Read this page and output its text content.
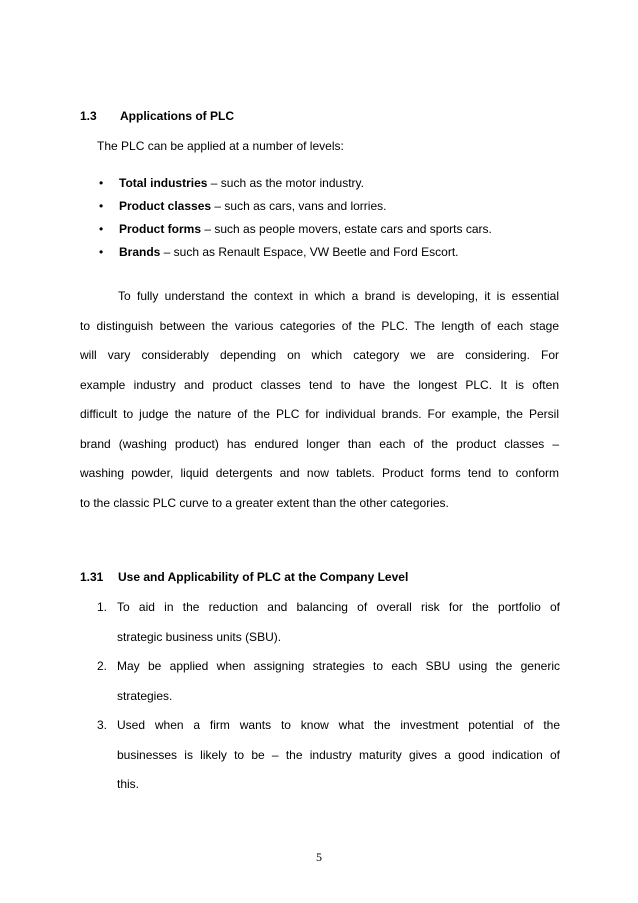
1.3 Applications of PLC
The PLC can be applied at a number of levels:
• Total industries – such as the motor industry.
• Product classes – such as cars, vans and lorries.
• Product forms – such as people movers, estate cars and sports cars.
• Brands – such as Renault Espace, VW Beetle and Ford Escort.
To fully understand the context in which a brand is developing, it is essential
to distinguish between the various categories of the PLC. The length of each stage
will vary considerably depending on which category we are considering. For
example industry and product classes tend to have the longest PLC. It is often
difficult to judge the nature of the PLC for individual brands. For example, the Persil
brand (washing product) has endured longer than each of the product classes –
washing powder, liquid detergents and now tablets. Product forms tend to conform
to the classic PLC curve to a greater extent than the other categories.
1.31 Use and Applicability of PLC at the Company Level
1. To aid in the reduction and balancing of overall risk for the portfolio of
strategic business units (SBU).
2. May be applied when assigning strategies to each SBU using the generic
strategies.
3. Used when a firm wants to know what the investment potential of the
businesses is likely to be – the industry maturity gives a good indication of
this.
5
